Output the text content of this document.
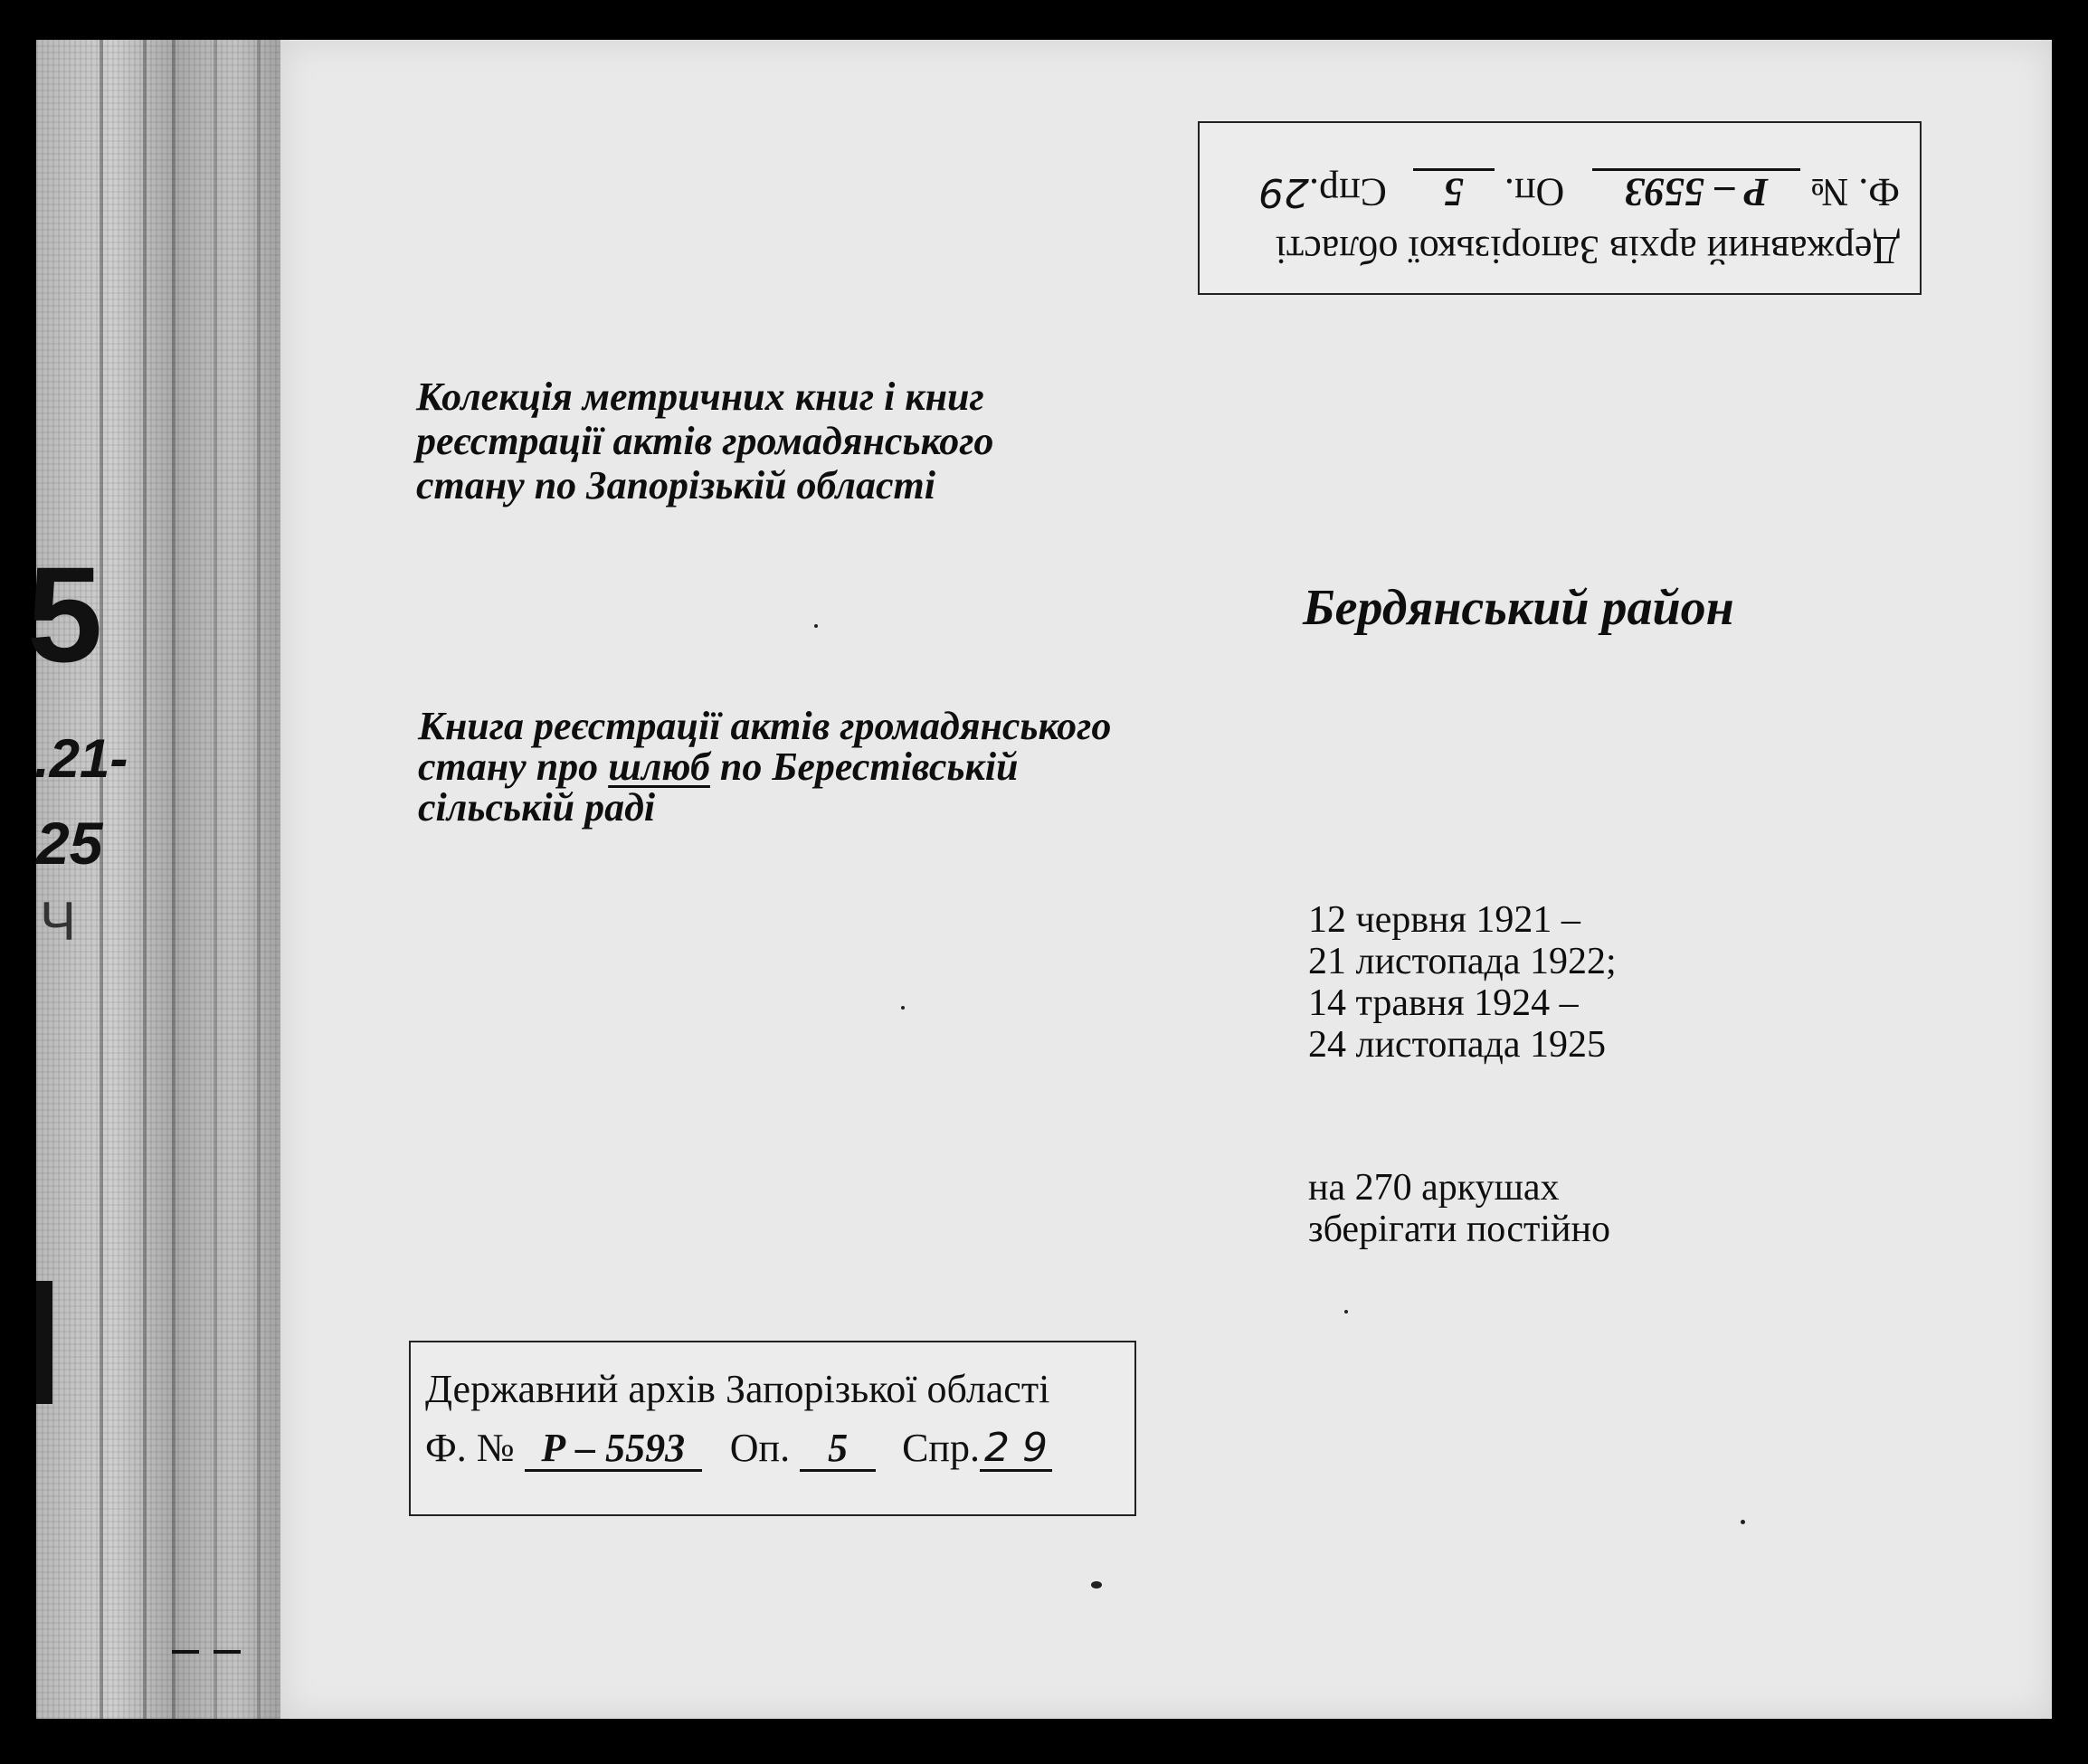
5
.21-
25
Ч
Державний архів Запорізької області
Ф. № Р – 5593 Оп. 5 Спр.29
Колекція метричних книг і книг
реєстрації актів громадянського
стану по Запорізькій області
Бердянський район
Книга реєстрації актів громадянського
стану про шлюб по Берестівській
сільській раді
12 червня 1921 –
21 листопада 1922;
14 травня 1924 –
24 листопада 1925
на 270 аркушах
зберігати постійно
Державний архів Запорізької області
Ф. № Р – 5593 Оп. 5 Спр. 2 9
